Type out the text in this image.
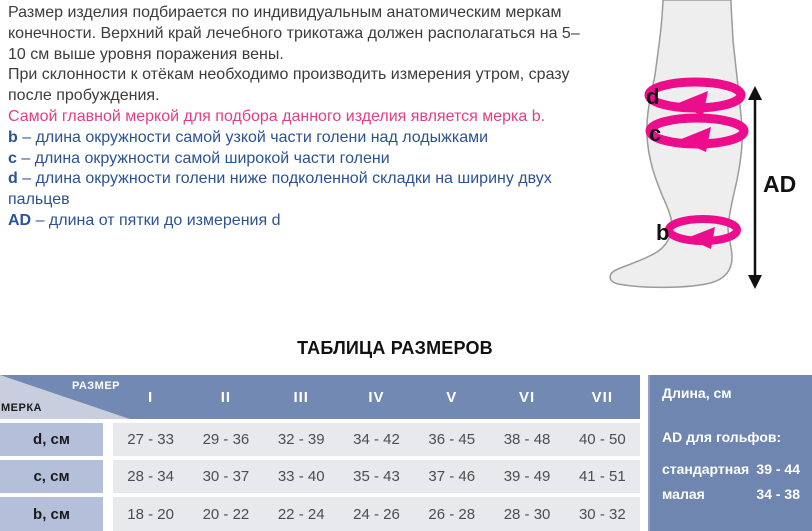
Размер изделия подбирается по индивидуальным анатомическим меркам конечности. Верхний край лечебного трикотажа должен располагаться на 5–10 см выше уровня поражения вены.

При склонности к отёкам необходимо производить измерения утром, сразу после пробуждения.

Самой главной меркой для подбора данного изделия является мерка b.

b – длина окружности самой узкой части голени над лодыжками

c – длина окружности самой широкой части голени

d – длина окружности голени ниже подколенной складки на ширину двух пальцев

AD – длина от пятки до измерения d

d
c
b
AD
ТАБЛИЦА РАЗМЕРОВ
РАЗМЕР
МЕРКА
I	II	III	IV	V	VI	VII
d, см	27 - 33	29 - 36	32 - 39	34 - 42	36 - 45	38 - 48	40 - 50
c, см	28 - 34	30 - 37	33 - 40	35 - 43	37 - 46	39 - 49	41 - 51
b, см	18 - 20	20 - 22	22 - 24	24 - 26	26 - 28	28 - 30	30 - 32
Длина, см
AD для гольфов:
стандартная 39 - 44
малая	34 - 38
